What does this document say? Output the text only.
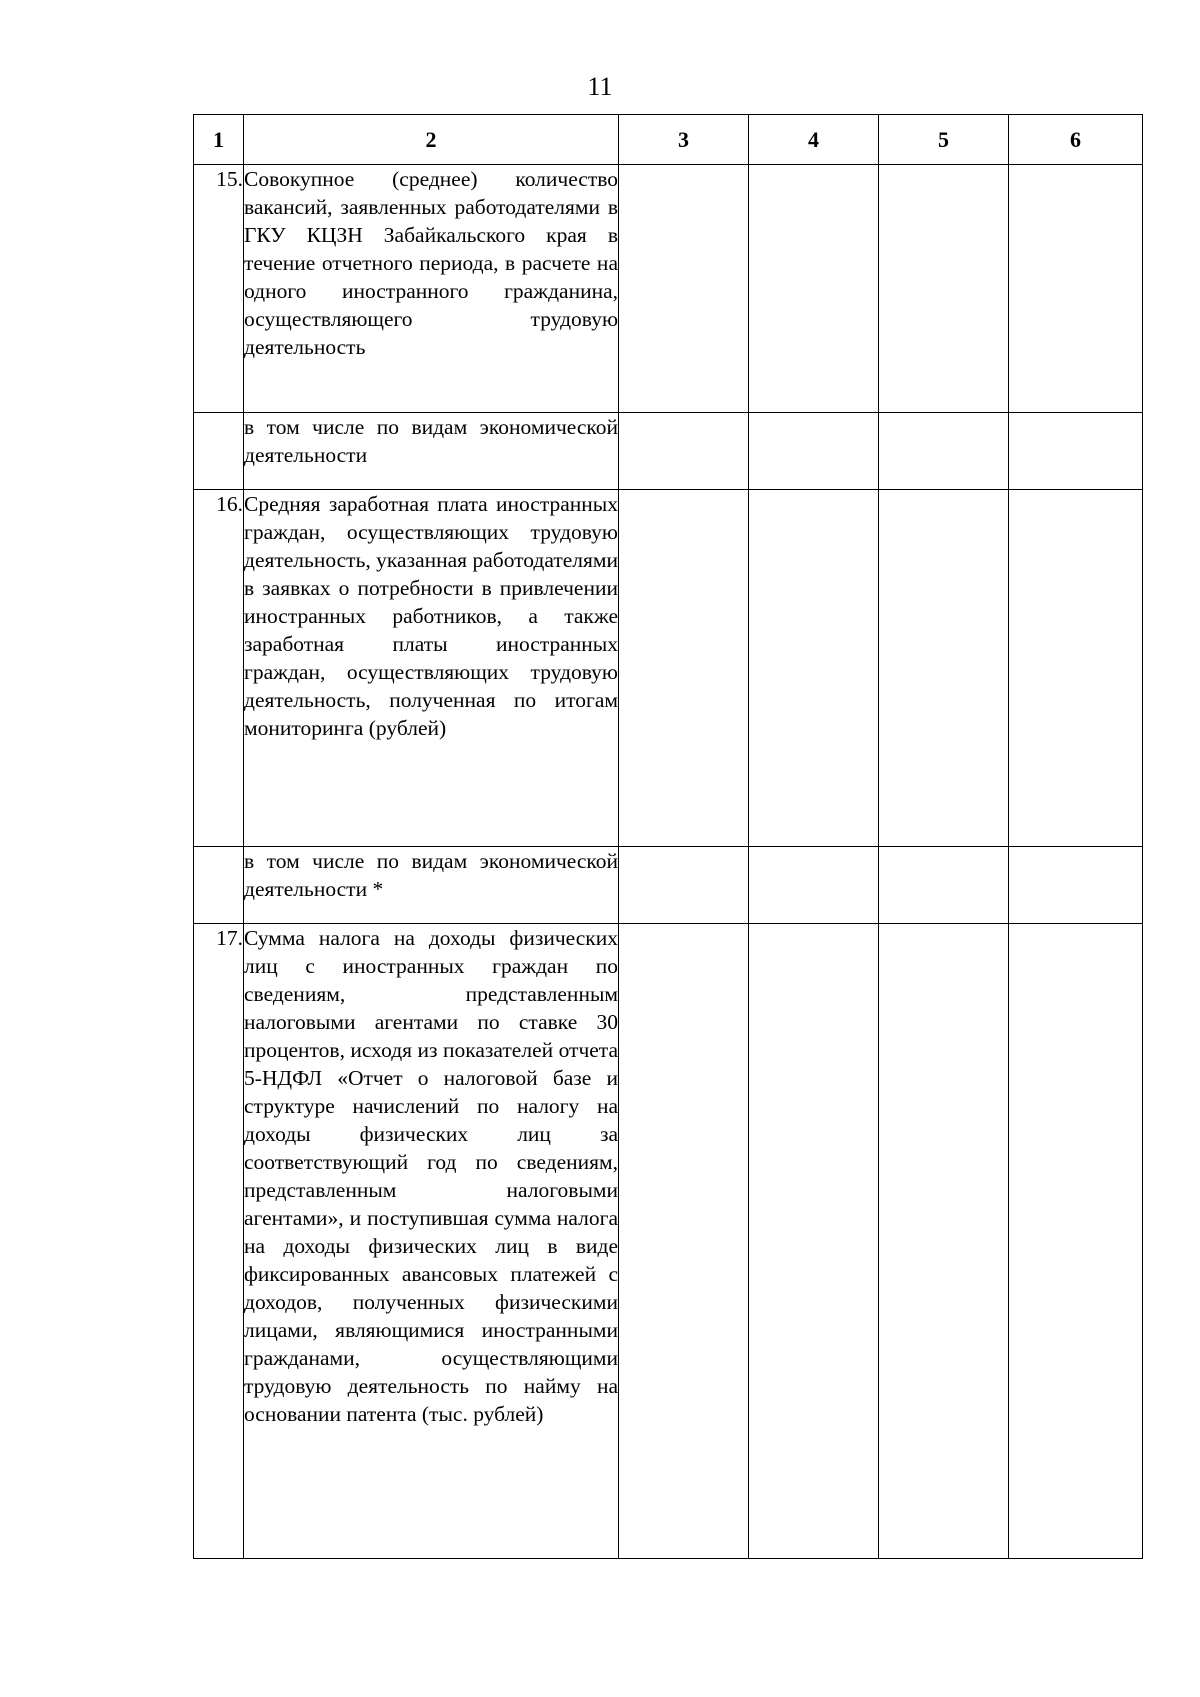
11
1	2	3	4	5	6
15.	Совокупное (среднее) количество вакансий, заявленных работодателями в ГКУ КЦЗН Забайкальского края в течение отчетного периода, в расчете на одного иностранного гражданина, осуществляющего трудовую деятельность				
	в том числе по видам экономической деятельности				
16.	Средняя заработная плата иностранных граждан, осуществляющих трудовую деятельность, указанная работодателями в заявках о потребности в привлечении иностранных работников, а также заработная платы иностранных граждан, осуществляющих трудовую деятельность, полученная по итогам мониторинга (рублей)				
	в том числе по видам экономической деятельности *				
17.	Сумма налога на доходы физических лиц с иностранных граждан по сведениям, представленным налоговыми агентами по ставке 30 процентов, исходя из показателей отчета 5-НДФЛ «Отчет о налоговой базе и структуре начислений по налогу на доходы физических лиц за соответствующий год по сведениям, представленным налоговыми агентами», и поступившая сумма налога на доходы физических лиц в виде фиксированных авансовых платежей с доходов, полученных физическими лицами, являющимися иностранными гражданами, осуществляющими трудовую деятельность по найму на основании патента (тыс. рублей)				
